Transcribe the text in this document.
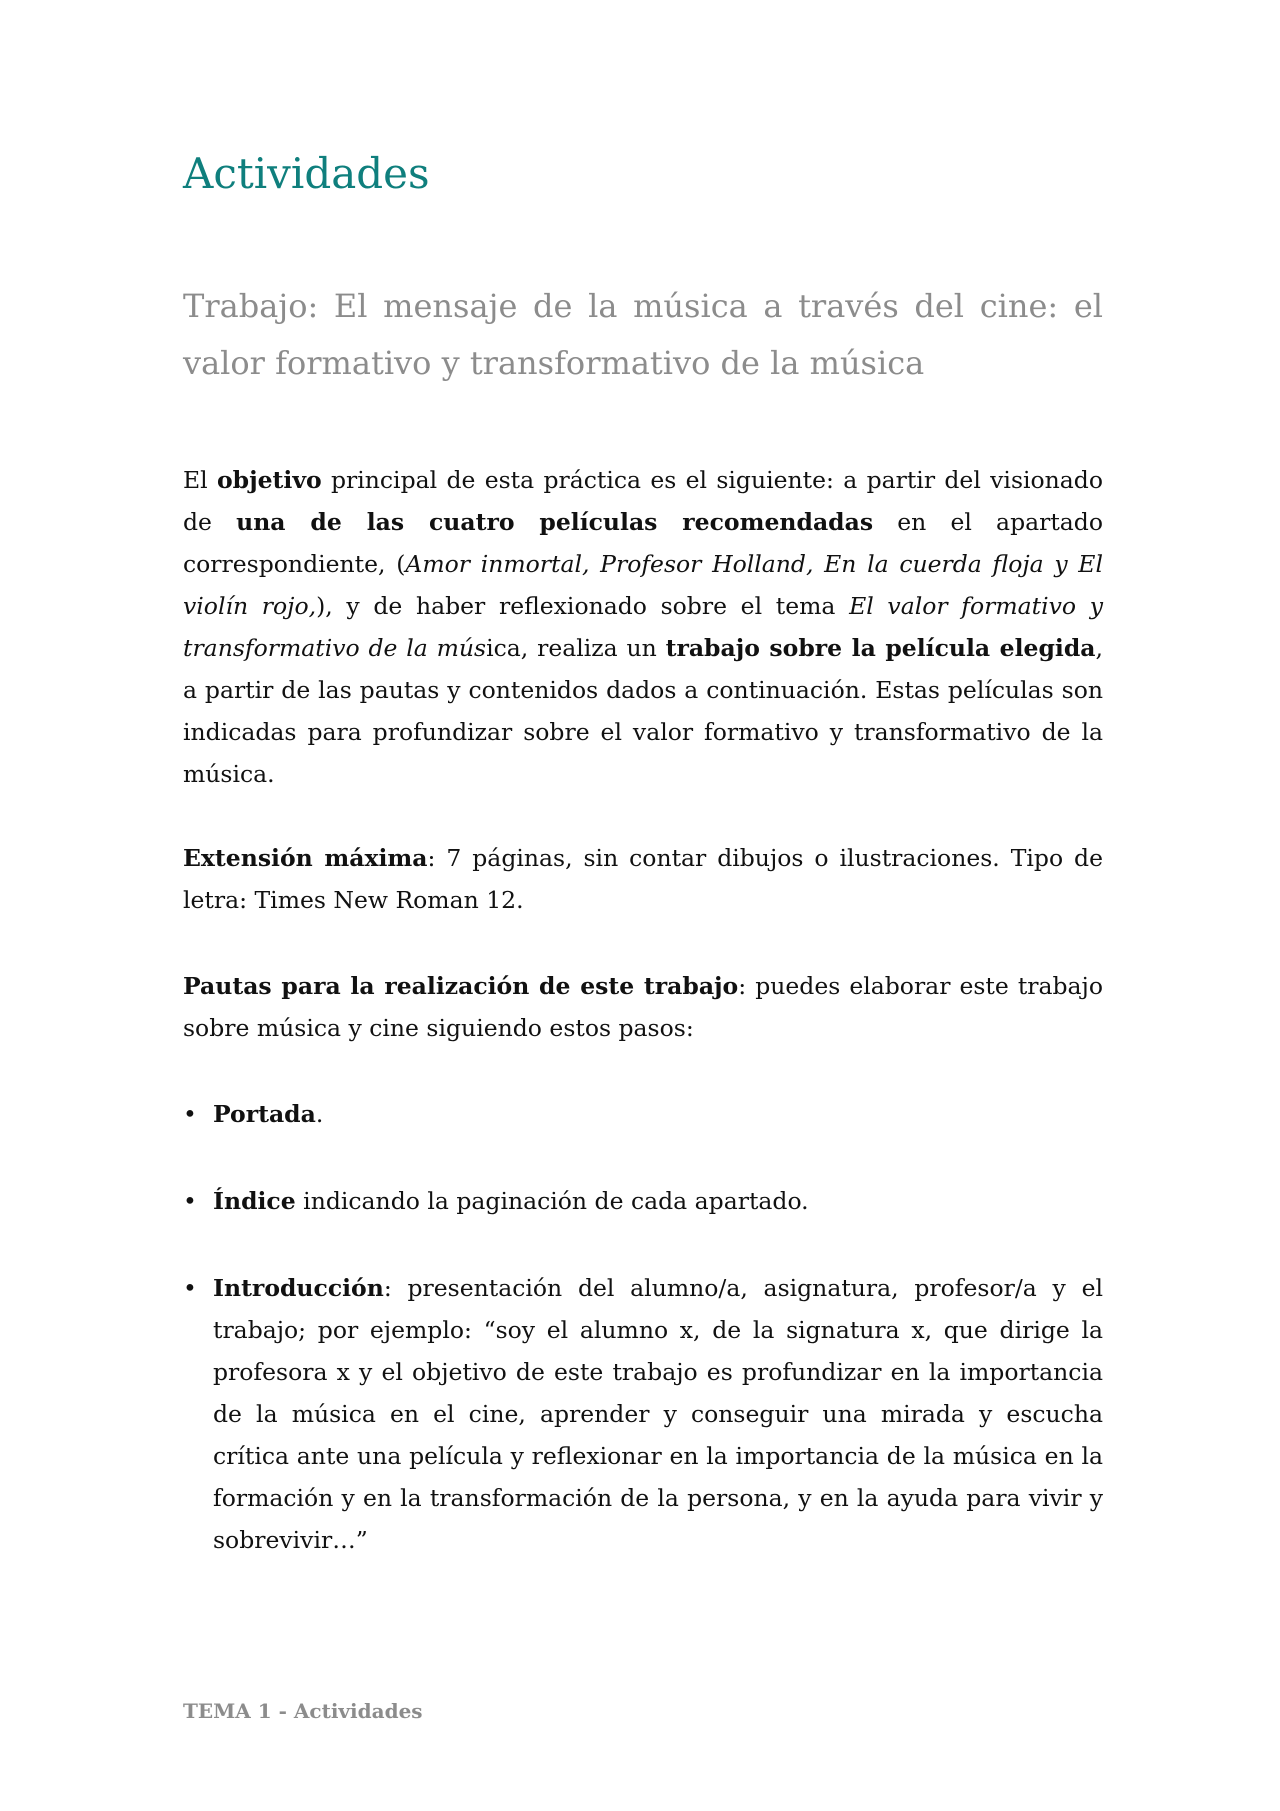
Actividades
Trabajo: El mensaje de la música a través del cine: el valor formativo y transformativo de la música

El objetivo principal de esta práctica es el siguiente: a partir del visionado de una de las cuatro películas recomendadas en el apartado correspondiente, (Amor inmortal, Profesor Holland, En la cuerda floja y El violín rojo,), y de haber reflexionado sobre el tema El valor formativo y transformativo de la música, realiza un trabajo sobre la película elegida, a partir de las pautas y contenidos dados a continuación. Estas películas son indicadas para profundizar sobre el valor formativo y transformativo de la música.

Extensión máxima: 7 páginas, sin contar dibujos o ilustraciones. Tipo de letra: Times New Roman 12.

Pautas para la realización de este trabajo: puedes elaborar este trabajo sobre música y cine siguiendo estos pasos:

• Portada.
• Índice indicando la paginación de cada apartado.
• Introducción: presentación del alumno/a, asignatura, profesor/a y el trabajo; por ejemplo: “soy el alumno x, de la signatura x, que dirige la profesora x y el objetivo de este trabajo es profundizar en la importancia de la música en el cine, aprender y conseguir una mirada y escucha crítica ante una película y reflexionar en la importancia de la música en la formación y en la transformación de la persona, y en la ayuda para vivir y sobrevivir…”
TEMA 1 - Actividades
